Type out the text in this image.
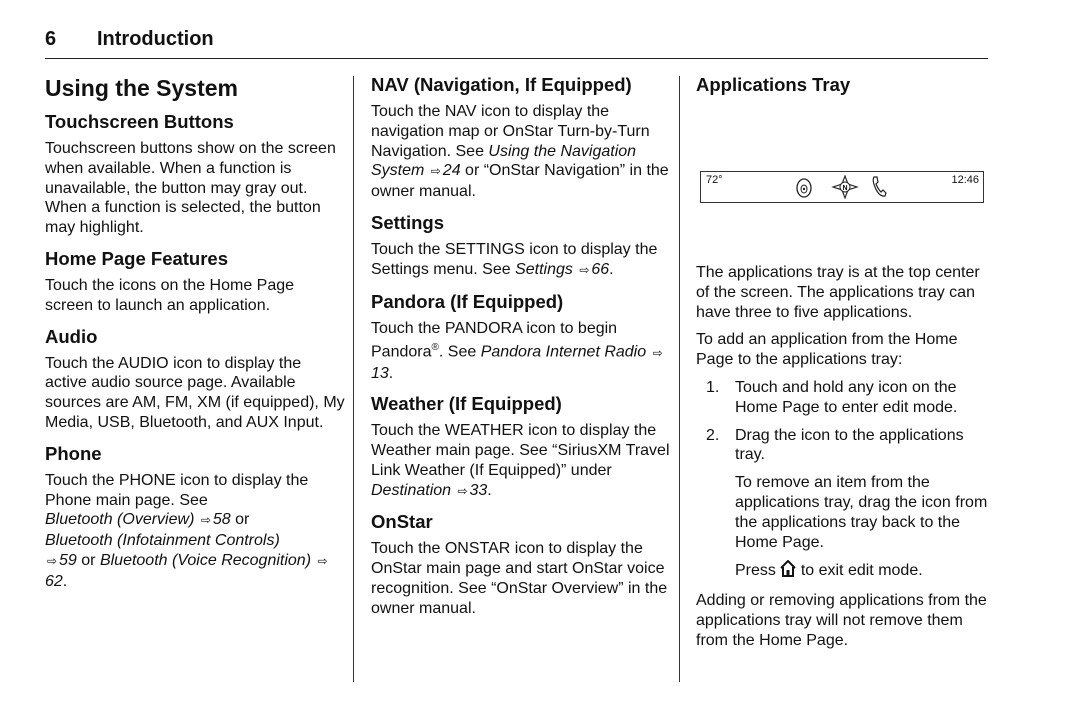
6 Introduction
Using the System
Touchscreen Buttons

Touchscreen buttons show on the screen when available. When a function is unavailable, the button may gray out. When a function is selected, the button may highlight.

Home Page Features

Touch the icons on the Home Page screen to launch an application.

Audio

Touch the AUDIO icon to display the active audio source page. Available sources are AM, FM, XM (if equipped), My Media, USB, Bluetooth, and AUX Input.

Phone

Touch the PHONE icon to display the Phone main page. See
Bluetooth (Overview) ⇨ 58 or
Bluetooth (Infotainment Controls)
⇨ 59 or Bluetooth (Voice Recognition) ⇨62.

NAV (Navigation, If Equipped)

Touch the NAV icon to display the navigation map or OnStar Turn-by-Turn Navigation. See Using the Navigation System ⇨ 24 or “OnStar Navigation” in the owner manual.

Settings

Touch the SETTINGS icon to display the Settings menu. See Settings ⇨ 66.

Pandora (If Equipped)

Touch the PANDORA icon to begin Pandora®. See Pandora Internet Radio ⇨13.

Weather (If Equipped)

Touch the WEATHER icon to display the Weather main page. See “SiriusXM Travel Link Weather (If Equipped)” under Destination ⇨ 33.

OnStar

Touch the ONSTAR icon to display the OnStar main page and start OnStar voice recognition. See “OnStar Overview” in the owner manual.

Applications Tray
72°
N
12:46

The applications tray is at the top center of the screen. The applications tray can have three to five applications.

To add an application from the Home Page to the applications tray:

1. Touch and hold any icon on the Home Page to enter edit mode.
2. Drag the icon to the applications tray.

To remove an item from the applications tray, drag the icon from the applications tray back to the Home Page.

Press to exit edit mode.

Adding or removing applications from the applications tray will not remove them from the Home Page.
